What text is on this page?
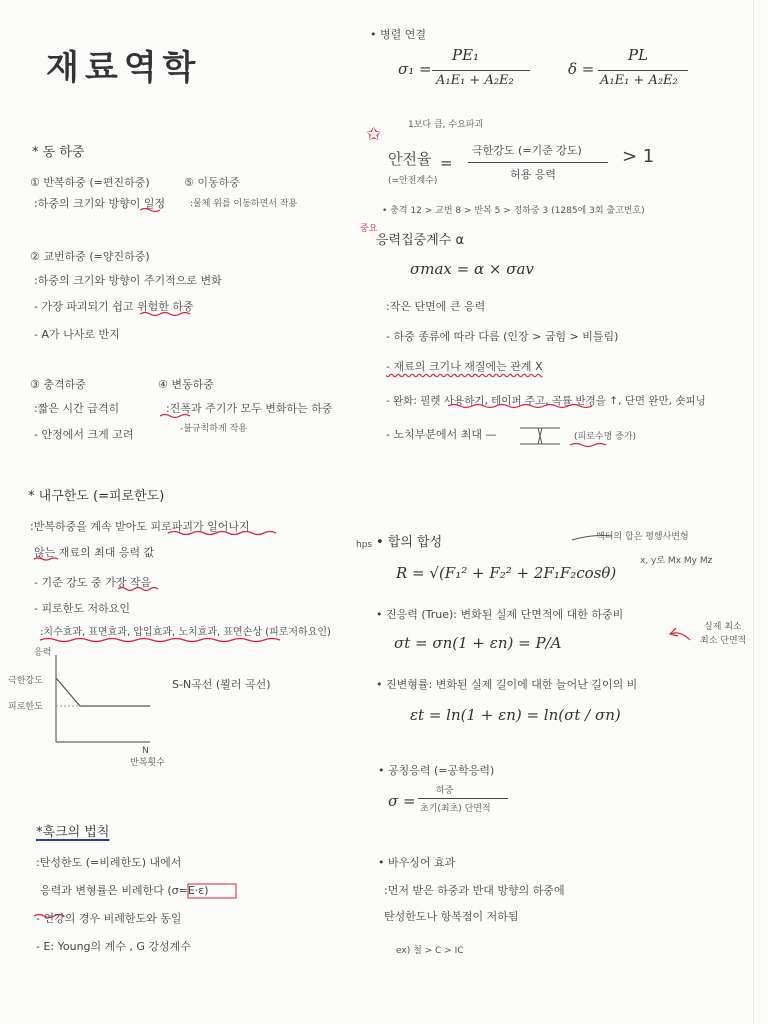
재료역학
* 동 하중
① 반복하중 (=편진하중)
:하중의 크기와 방향이 일정
⑤ 이동하중
:물체 위를 이동하면서 작용
② 교번하중 (=양진하중)
:하중의 크기와 방향이 주기적으로 변화
- 가장 파괴되기 쉽고 위험한 하중
- A가 나사로 반지
③ 충격하중
:짧은 시간 급격히
- 안정에서 크게 고려
④ 변동하중
:진폭과 주기가 모두 변화하는 하중
-불규칙하게 작용
* 내구한도 (=피로한도)
:반복하중을 계속 받아도 피로파괴가 일어나지
않는 재료의 최대 응력 값
- 기준 강도 중 가장 작음
- 피로한도 저하요인
:치수효과, 표면효과, 압입효과, 노치효과, 표면손상 (피로저하요인)
응력
극한강도
피로한도
N
반복횟수
S-N곡선 (뵐러 곡선)
*훅크의 법칙
:탄성한도 (=비례한도) 내에서
응력과 변형률은 비례한다 (σ=E·ε)
- 연강의 경우 비례한도와 동일
- E: Young의 계수 , G 강성계수
• 병렬 연결
σ₁ =
PE₁
A₁E₁ + A₂E₂
δ =
PL
A₁E₁ + A₂E₂
✩	1보다 큼, 수요파괴
안전율
(=안전계수)
=
극한강도 (=기준 강도)
허용 응력
> 1
• 충격 12 > 교번 8 > 반복 5 > 정하중 3 (1285에 3회 출고번호)
중요
응력집중계수 α
σmax = α × σav
:작은 단면에 큰 응력
- 하중 종류에 따라 다름 (인장 > 굽힘 > 비틀림)
- 재료의 크기나 재질에는 관계 X
- 완화: 필렛 사용하기, 테이퍼 주고, 곡률 반경을 ↑, 단면 완만, 숏피닝
- 노치부분에서 최대 —	(피로수명 증가)
hps • 합의 합성	벡터의 합은 평행사변형
x, y로 Mx My Mz
R = √(F₁² + F₂² + 2F₁F₂cosθ)
• 진응력 (True): 변화된 실제 단면적에 대한 하중비
σt = σn(1 + εn) = P/A
실제 최소
최소 단면적
• 진변형률: 변화된 실제 길이에 대한 늘어난 길이의 비
εt = ln(1 + εn) = ln(σt / σn)
• 공칭응력 (=공학응력)
σ =
하중
초기(최초) 단면적
• 바우싱어 효과
:먼저 받은 하중과 반대 방향의 하중에
탄성한도나 항복점이 저하됨
ex) 철 > C > IC
